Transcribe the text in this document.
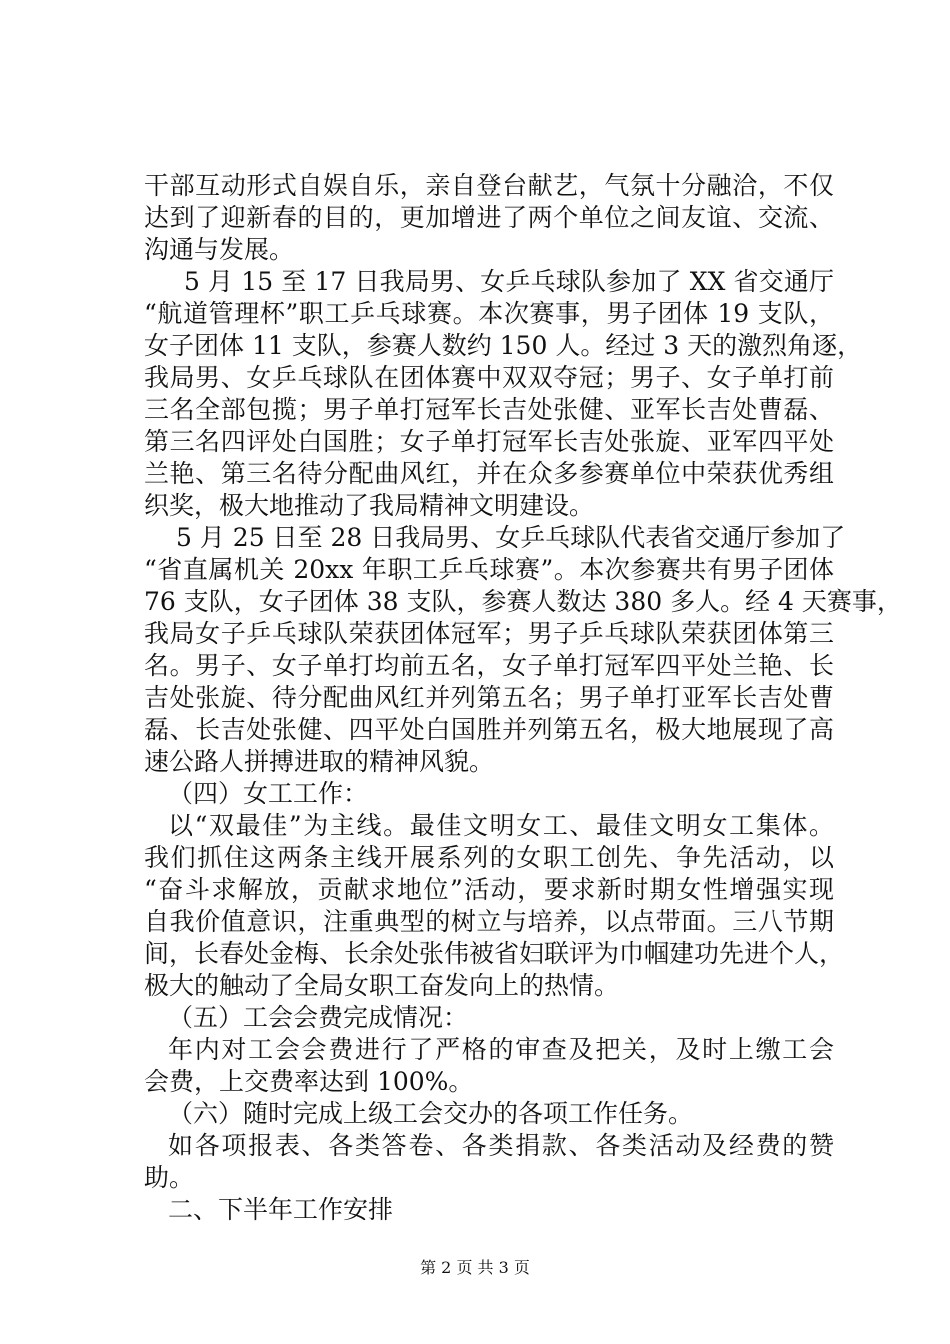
干部互动形式自娱自乐，亲自登台献艺，气氛十分融洽，不仅
达到了迎新春的目的，更加增进了两个单位之间友谊、交流、
沟通与发展。
5 月 15 至 17 日我局男、女乒乓球队参加了 XX 省交通厅
“航道管理杯”职工乒乓球赛。本次赛事，男子团体 19 支队，
女子团体 11 支队，参赛人数约 150 人。经过 3 天的激烈角逐，
我局男、女乒乓球队在团体赛中双双夺冠；男子、女子单打前
三名全部包揽；男子单打冠军长吉处张健、亚军长吉处曹磊、
第三名四评处白国胜；女子单打冠军长吉处张旋、亚军四平处
兰艳、第三名待分配曲风红，并在众多参赛单位中荣获优秀组
织奖，极大地推动了我局精神文明建设。
5 月 25 日至 28 日我局男、女乒乓球队代表省交通厅参加了
“省直属机关 20xx 年职工乒乓球赛”。本次参赛共有男子团体
76 支队，女子团体 38 支队，参赛人数达 380 多人。经 4 天赛事，
我局女子乒乓球队荣获团体冠军；男子乒乓球队荣获团体第三
名。男子、女子单打均前五名，女子单打冠军四平处兰艳、长
吉处张旋、待分配曲风红并列第五名；男子单打亚军长吉处曹
磊、长吉处张健、四平处白国胜并列第五名，极大地展现了高
速公路人拼搏进取的精神风貌。
（四）女工工作：
以“双最佳”为主线。最佳文明女工、最佳文明女工集体。
我们抓住这两条主线开展系列的女职工创先、争先活动，以
“奋斗求解放，贡献求地位”活动，要求新时期女性增强实现
自我价值意识，注重典型的树立与培养，以点带面。三八节期
间，长春处金梅、长余处张伟被省妇联评为巾帼建功先进个人，
极大的触动了全局女职工奋发向上的热情。
（五）工会会费完成情况：
年内对工会会费进行了严格的审查及把关，及时上缴工会
会费，上交费率达到 100%。
（六）随时完成上级工会交办的各项工作任务。
如各项报表、各类答卷、各类捐款、各类活动及经费的赞
助。
二、下半年工作安排
第 2 页 共 3 页
